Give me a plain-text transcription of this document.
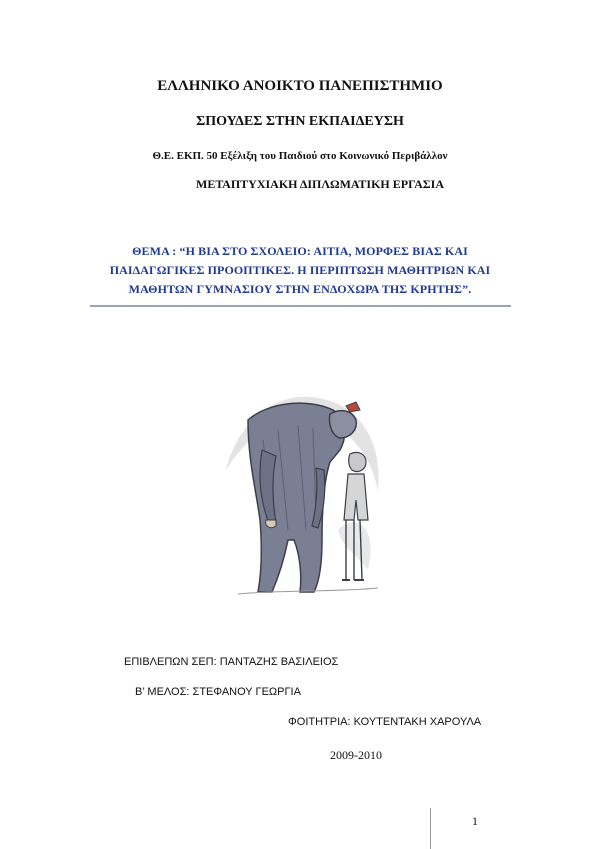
ΕΛΛΗΝΙΚΟ ΑΝΟΙΚΤΟ ΠΑΝΕΠΙΣΤΗΜΙΟ
ΣΠΟΥΔΕΣ ΣΤΗΝ ΕΚΠΑΙΔΕΥΣΗ
Θ.Ε. ΕΚΠ. 50 Εξέλιξη του Παιδιού στο Κοινωνικό Περιβάλλον
ΜΕΤΑΠΤΥΧΙΑΚΗ ΔΙΠΛΩΜΑΤΙΚΗ ΕΡΓΑΣΙΑ
ΘΕΜΑ : “Η ΒΙΑ ΣΤΟ ΣΧΟΛΕΙΟ: ΑΙΤΙΑ, ΜΟΡΦΕΣ ΒΙΑΣ ΚΑΙ
ΠΑΙΔΑΓΩΓΙΚΕΣ ΠΡΟΟΠΤΙΚΕΣ. Η ΠΕΡΙΠΤΩΣΗ ΜΑΘΗΤΡΙΩΝ ΚΑΙ
ΜΑΘΗΤΩΝ ΓΥΜΝΑΣΙΟΥ ΣΤΗΝ ΕΝΔΟΧΩΡΑ ΤΗΣ ΚΡΗΤΗΣ”.
ΕΠΙΒΛΕΠΩΝ ΣΕΠ: ΠΑΝΤΑΖΗΣ ΒΑΣΙΛΕΙΟΣ
Β’ ΜΕΛΟΣ: ΣΤΕΦΑΝΟΥ ΓΕΩΡΓΙΑ
ΦΟΙΤΗΤΡΙΑ: ΚΟΥΤΕΝΤΑΚΗ ΧΑΡΟΥΛΑ
2009-2010
1
